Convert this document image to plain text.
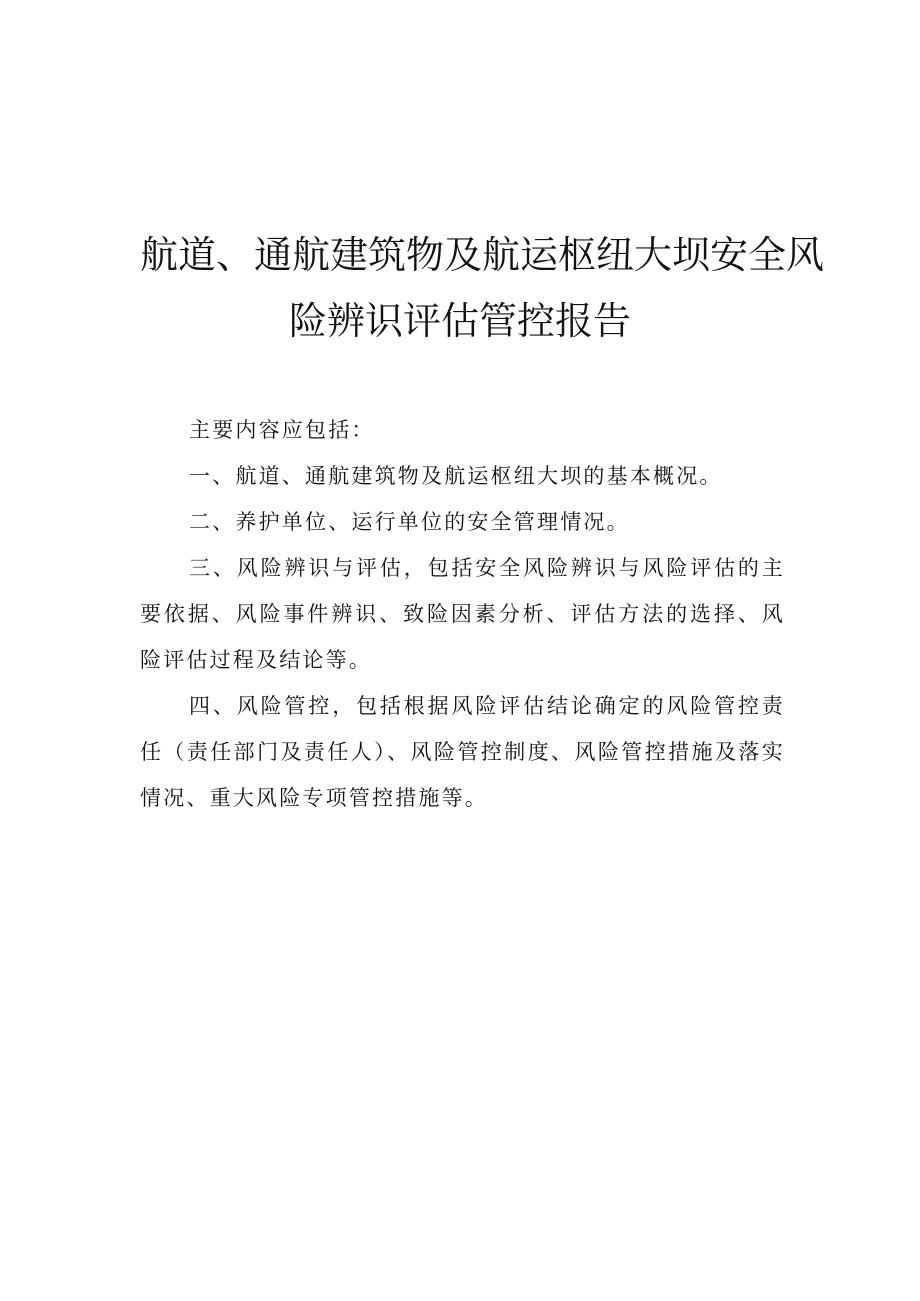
航道、通航建筑物及航运枢纽大坝安全风
险辨识评估管控报告

主要内容应包括：

一、航道、通航建筑物及航运枢纽大坝的基本概况。

二、养护单位、运行单位的安全管理情况。

三、风险辨识与评估，包括安全风险辨识与风险评估的主要依据、风险事件辨识、致险因素分析、评估方法的选择、风险评估过程及结论等。

四、风险管控，包括根据风险评估结论确定的风险管控责任（责任部门及责任人）、风险管控制度、风险管控措施及落实情况、重大风险专项管控措施等。
